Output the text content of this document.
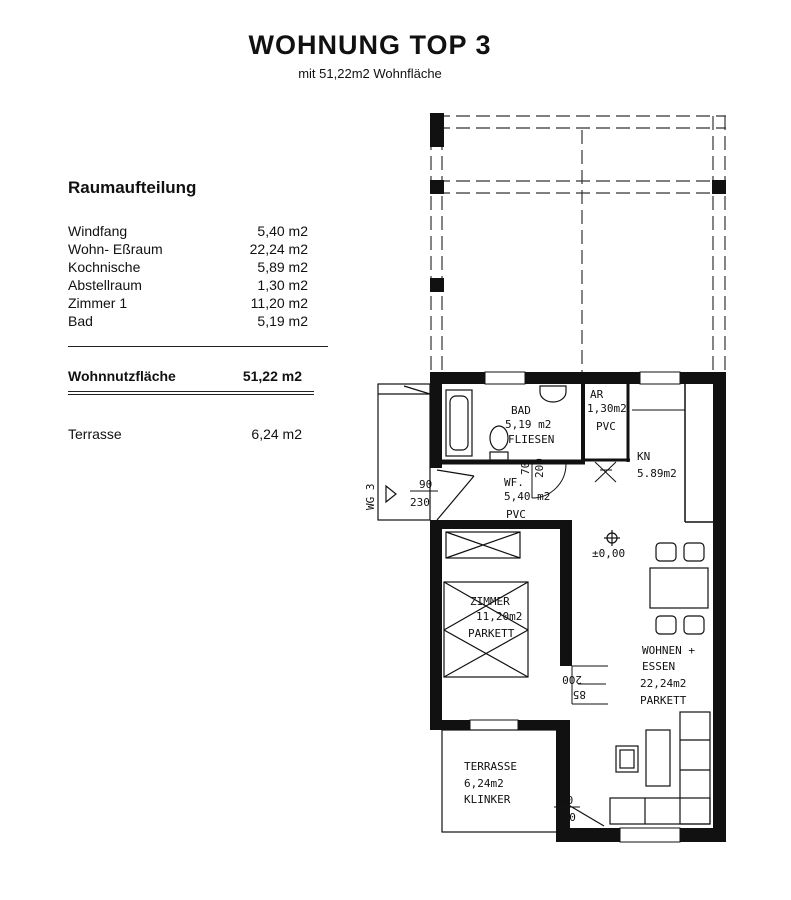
WOHNUNG TOP 3
mit 51,22m2 Wohnfläche
Raumaufteilung
Windfang	5,40 m2
Wohn- Eßraum	22,24 m2
Kochnische	5,89 m2
Abstellraum	1,30 m2
Zimmer 1	11,20 m2
Bad	5,19 m2
Wohnnutzfläche	51,22 m2
Terrasse	6,24 m2
BAD
5,19 m2
FLIESEN
AR
1,30m2
PVC
KN
5.89m2
WF.
5,40 m2
PVC
ZIMMER
11,20m2
PARKETT
WOHNEN +
ESSEN
22,24m2
PARKETT
TERRASSE
6,24m2
KLINKER
±0,00
WG 3	90
230
70 200
200
85
90
230
